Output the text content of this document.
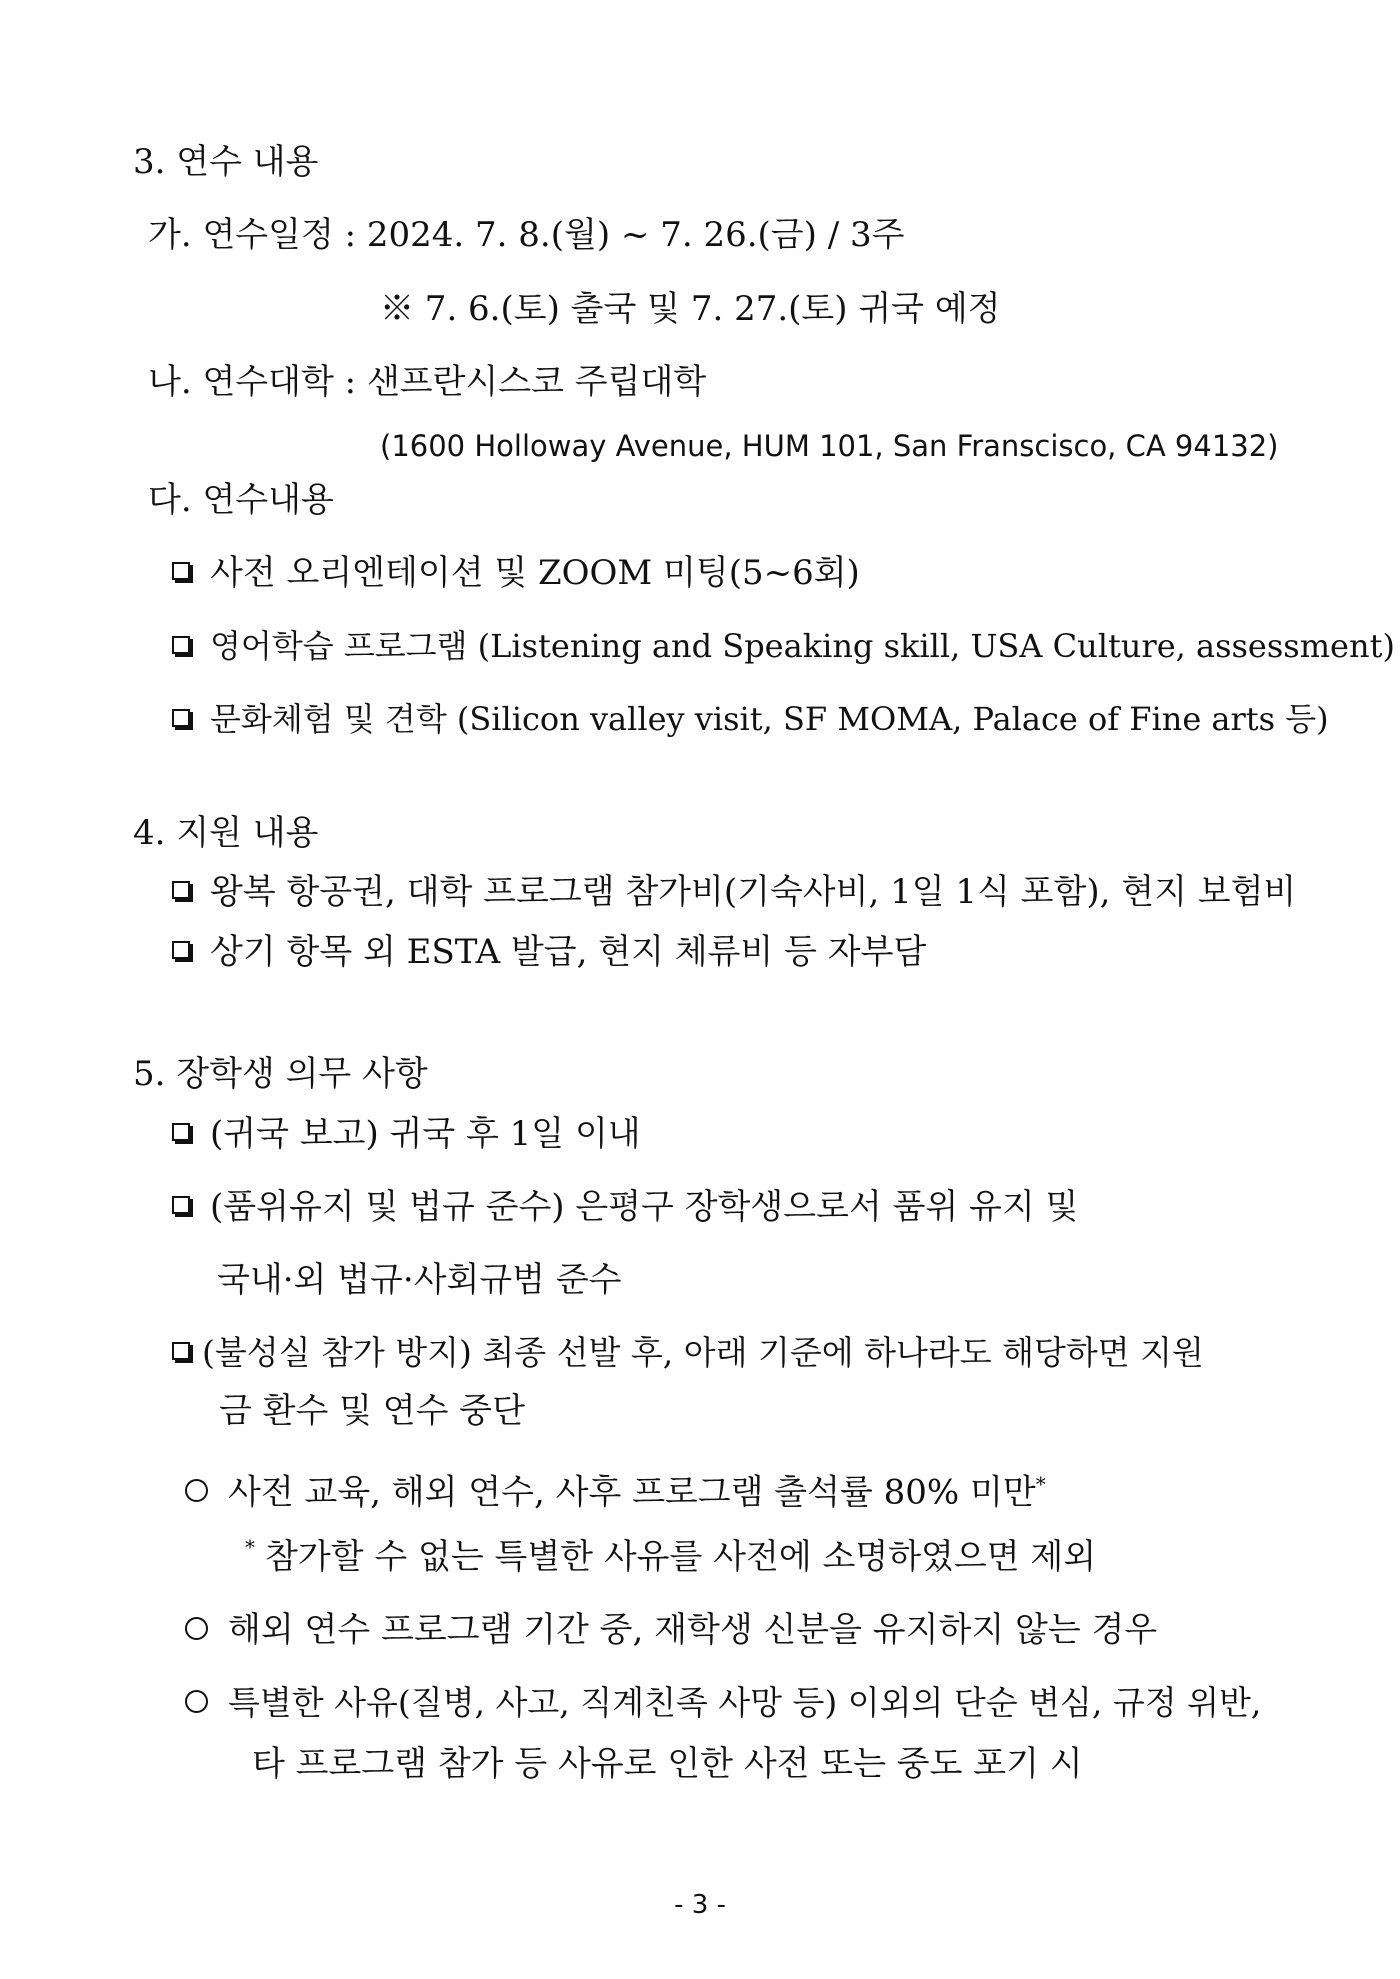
3. 연수 내용
가. 연수일정 : 2024. 7. 8.(월) ~ 7. 26.(금) / 3주
※ 7. 6.(토) 출국 및 7. 27.(토) 귀국 예정
나. 연수대학 : 샌프란시스코 주립대학
(1600 Holloway Avenue, HUM 101, San Franscisco, CA 94132)
다. 연수내용
사전 오리엔테이션 및 ZOOM 미팅(5~6회)
영어학습 프로그램 (Listening and Speaking skill, USA Culture, assessment)
문화체험 및 견학 (Silicon valley visit, SF MOMA, Palace of Fine arts 등)
4. 지원 내용
왕복 항공권, 대학 프로그램 참가비(기숙사비, 1일 1식 포함), 현지 보험비
상기 항목 외 ESTA 발급, 현지 체류비 등 자부담
5. 장학생 의무 사항
(귀국 보고) 귀국 후 1일 이내
(품위유지 및 법규 준수) 은평구 장학생으로서 품위 유지 및
국내·외 법규·사회규범 준수
(불성실 참가 방지) 최종 선발 후, 아래 기준에 하나라도 해당하면 지원
금 환수 및 연수 중단
사전 교육, 해외 연수, 사후 프로그램 출석률 80% 미만*
* 참가할 수 없는 특별한 사유를 사전에 소명하였으면 제외
해외 연수 프로그램 기간 중, 재학생 신분을 유지하지 않는 경우
특별한 사유(질병, 사고, 직계친족 사망 등) 이외의 단순 변심, 규정 위반,
타 프로그램 참가 등 사유로 인한 사전 또는 중도 포기 시
- 3 -
